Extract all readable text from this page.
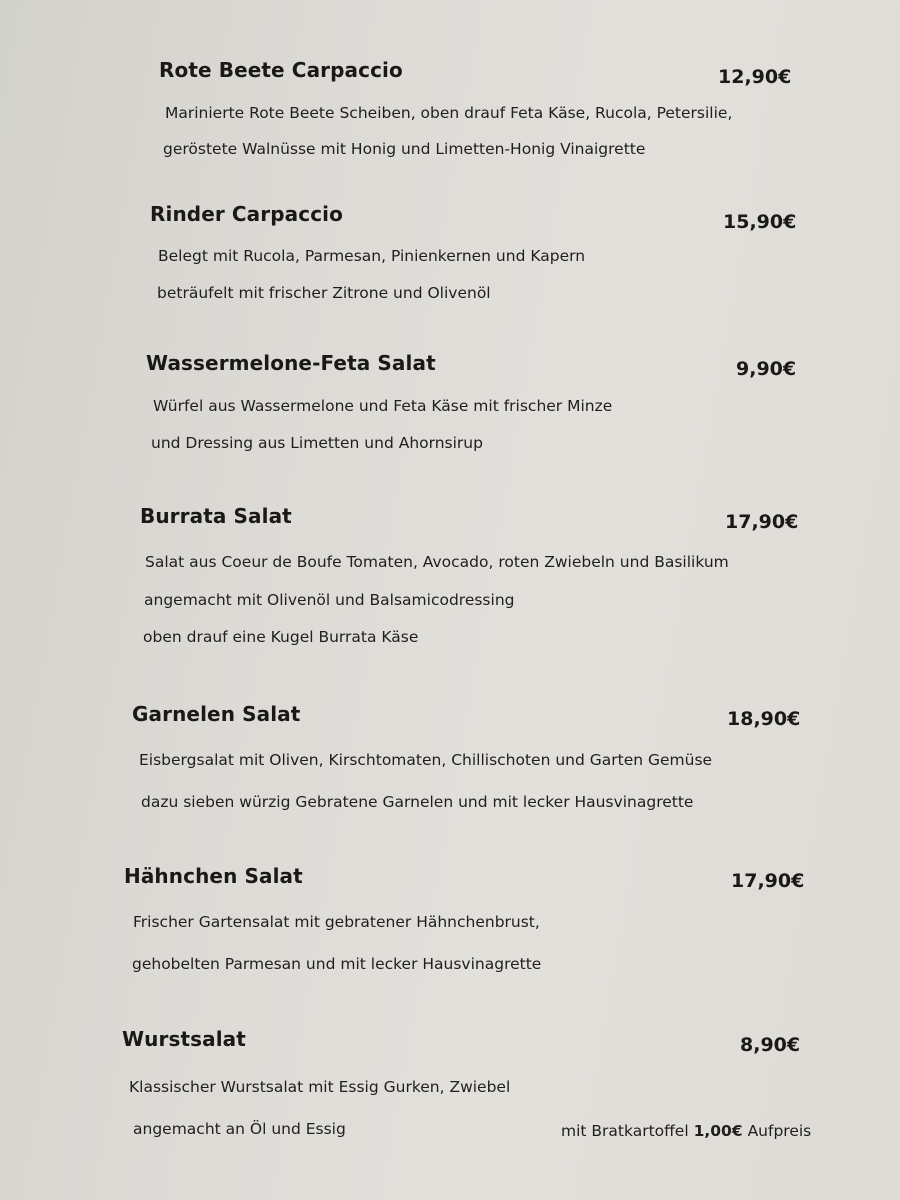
Rote Beete Carpaccio	12,90€
Marinierte Rote Beete Scheiben, oben drauf Feta Käse, Rucola, Petersilie,
geröstete Walnüsse mit Honig und Limetten-Honig Vinaigrette
Rinder Carpaccio	15,90€
Belegt mit Rucola, Parmesan, Pinienkernen und Kapern
beträufelt mit frischer Zitrone und Olivenöl
Wassermelone-Feta Salat	9,90€
Würfel aus Wassermelone und Feta Käse mit frischer Minze
und Dressing aus Limetten und Ahornsirup
Burrata Salat	17,90€
Salat aus Coeur de Boufe Tomaten, Avocado, roten Zwiebeln und Basilikum
angemacht mit Olivenöl und Balsamicodressing
oben drauf eine Kugel Burrata Käse
Garnelen Salat	18,90€
Eisbergsalat mit Oliven, Kirschtomaten, Chillischoten und Garten Gemüse
dazu sieben würzig Gebratene Garnelen und mit lecker Hausvinagrette
Hähnchen Salat	17,90€
Frischer Gartensalat mit gebratener Hähnchenbrust,
gehobelten Parmesan und mit lecker Hausvinagrette
Wurstsalat	8,90€
Klassischer Wurstsalat mit Essig Gurken, Zwiebel
angemacht an Öl und Essig	mit Bratkartoffel 1,00€ Aufpreis
